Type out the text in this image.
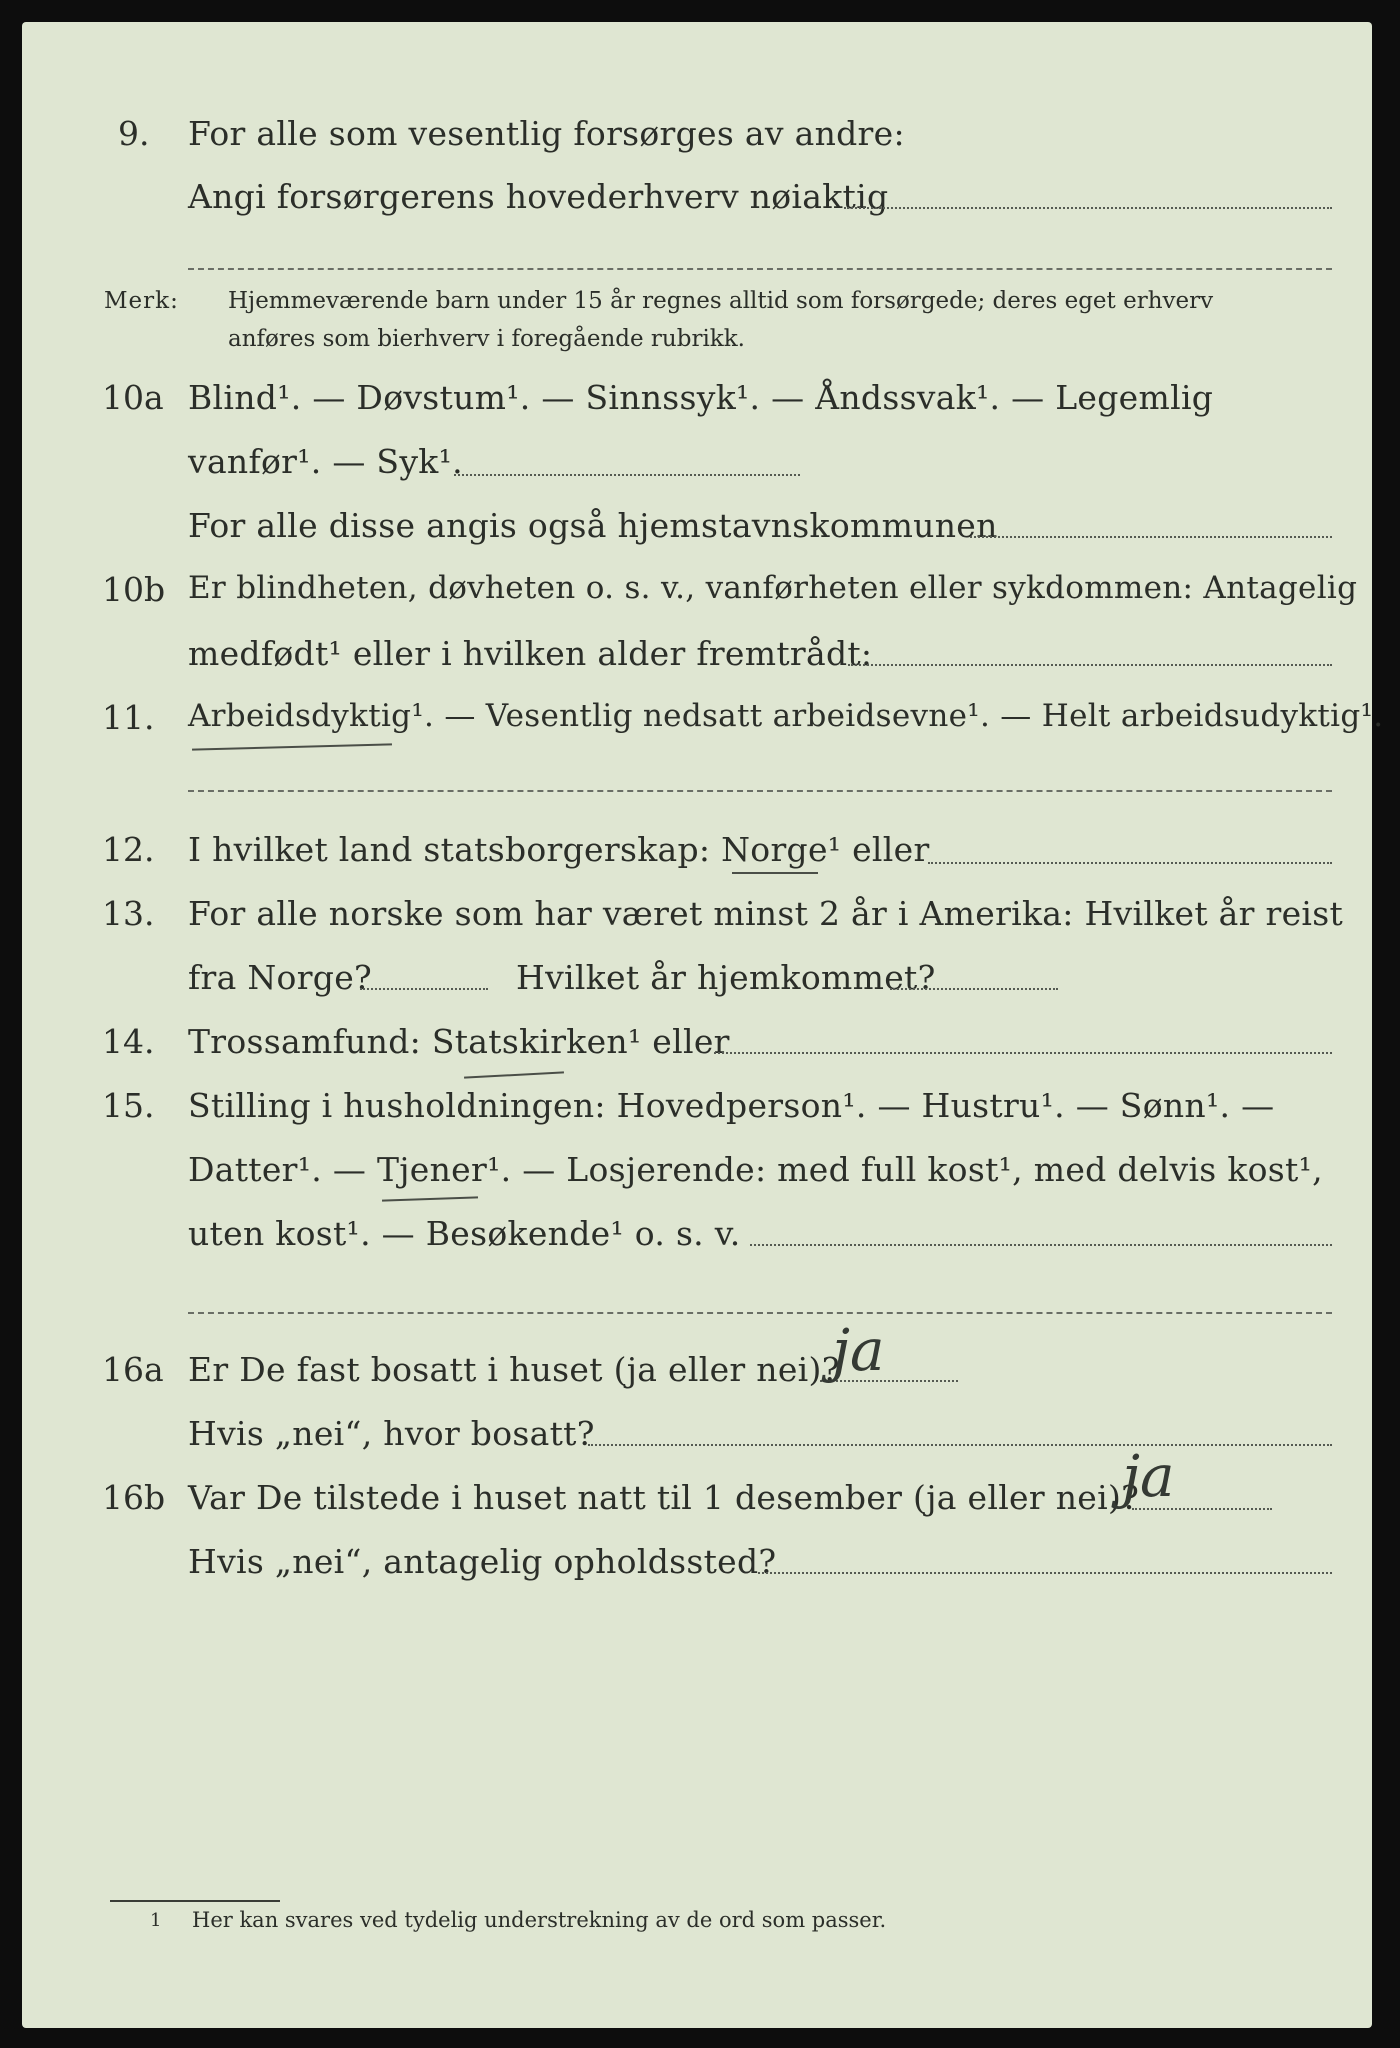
9. For alle som vesentlig forsørges av andre:
Angi forsørgerens hovederhverv nøiaktig
Merk: Hjemmeværende barn under 15 år regnes alltid som forsørgede; deres eget erhverv
anføres som bierhverv i foregående rubrikk.
10a Blind¹. — Døvstum¹. — Sinnssyk¹. — Åndssvak¹. — Legemlig
vanfør¹. — Syk¹.
For alle disse angis også hjemstavnskommunen
10b Er blindheten, døvheten o. s. v., vanførheten eller sykdommen: Antagelig
medfødt¹ eller i hvilken alder fremtrådt:
11. Arbeidsdyktig¹. — Vesentlig nedsatt arbeidsevne¹. — Helt arbeidsudyktig¹.
12. I hvilket land statsborgerskap: Norge¹ eller
13. For alle norske som har været minst 2 år i Amerika: Hvilket år reist
fra Norge?	Hvilket år hjemkommet?
14. Trossamfund: Statskirken¹ eller
15. Stilling i husholdningen: Hovedperson¹. — Hustru¹. — Sønn¹. —
Datter¹. — Tjener¹. — Losjerende: med full kost¹, med delvis kost¹,
uten kost¹. — Besøkende¹ o. s. v.
16a Er De fast bosatt i huset (ja eller nei)?
ja
Hvis „nei“, hvor bosatt?
16b Var De tilstede i huset natt til 1 desember (ja eller nei)?
ja
Hvis „nei“, antagelig opholdssted?
1 Her kan svares ved tydelig understrekning av de ord som passer.
